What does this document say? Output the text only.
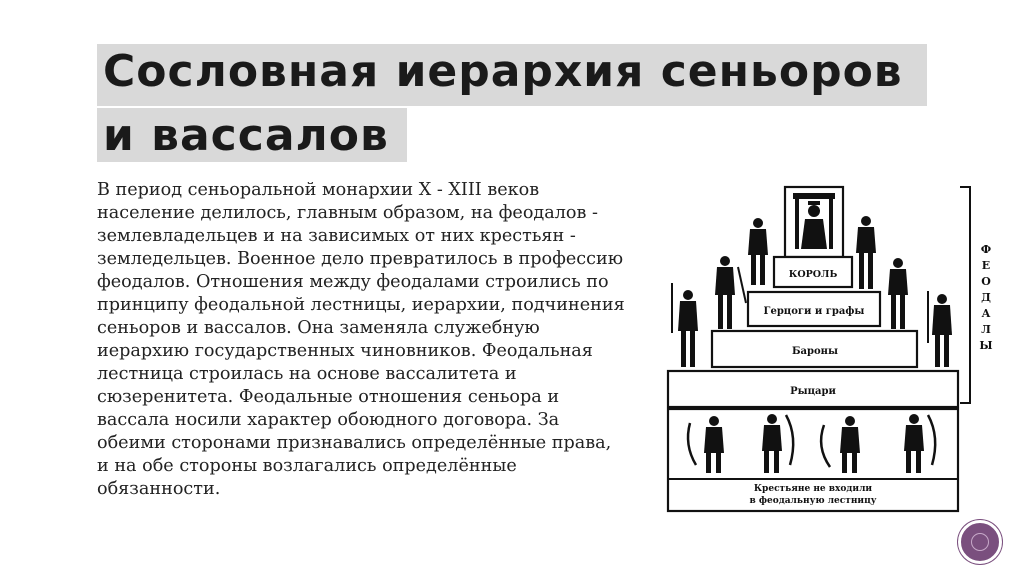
Сословная иерархия сеньоров
и вассалов
В период сеньоральной монархии X - XIII веков население делилось, главным образом, на феодалов - землевладельцев и на зависимых от них крестьян - земледельцев. Военное дело превратилось в профессию феодалов. Отношения между феодалами строились по принципу феодальной лестницы, иерархии, подчинения сеньоров и вассалов. Она заменяла служебную иерархию государственных чиновников. Феодальная лестница строилась на основе вассалитета и сюзеренитета. Феодальные отношения сеньора и вассала носили характер обоюдного договора. За обеими сторонами признавались определённые права, и на обе стороны возлагались определённые обязанности.
КОРОЛЬ
Герцоги и графы
Бароны
Рыцари
Крестьяне не входили
в феодальную лестницу
Ф
Е
О
Д
А
Л
Ы
